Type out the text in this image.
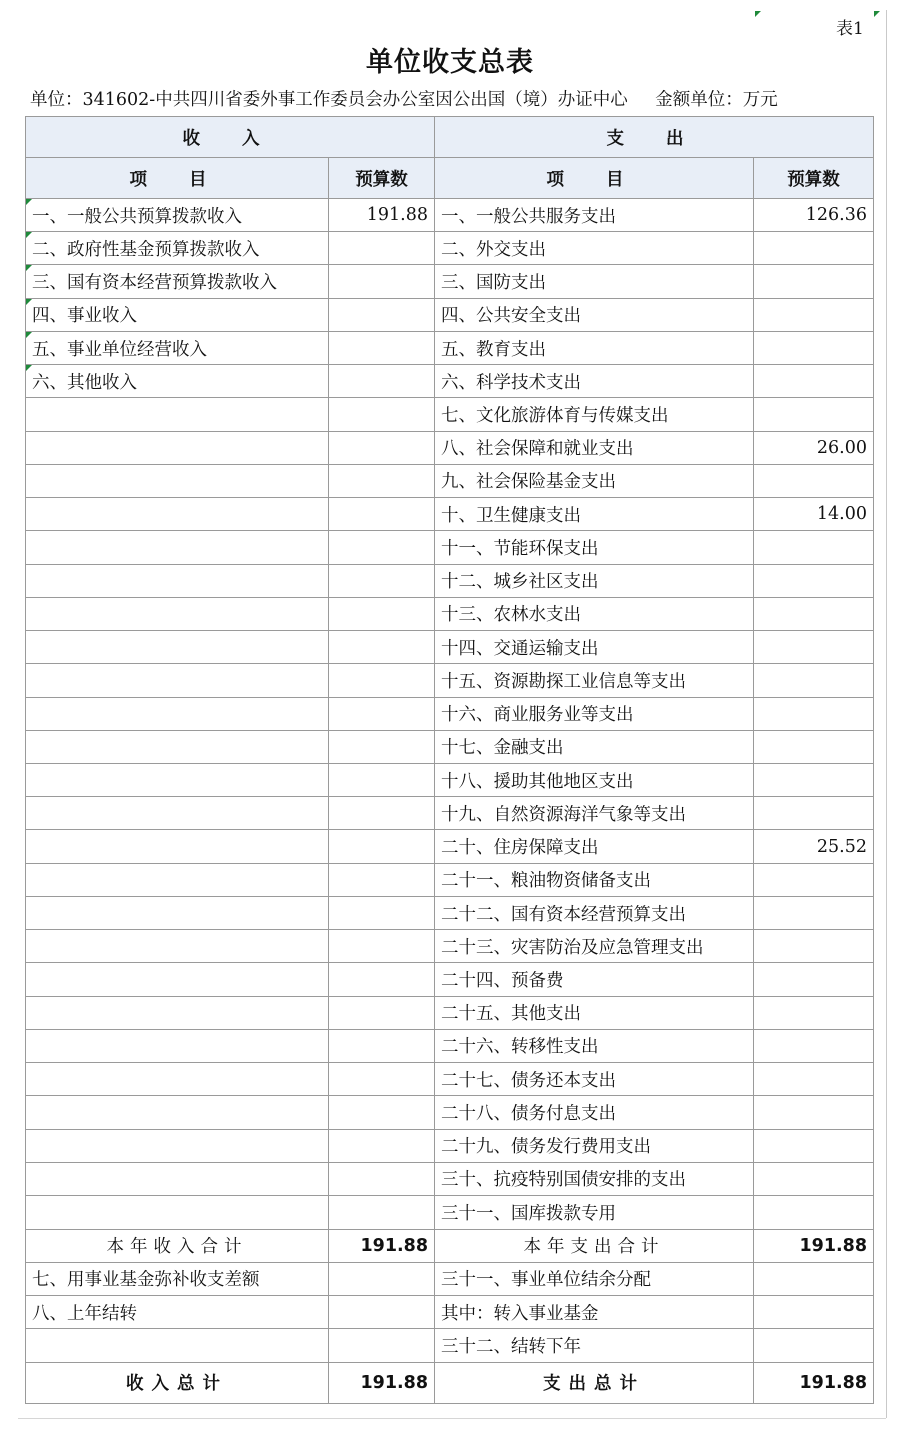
表1
单位收支总表
单位：341602-中共四川省委外事工作委员会办公室因公出国（境）办证中心 金额单位：万元
收 入		支 出	
项 目	预算数	项 目	预算数

一、一般公共预算拨款收入	191.88	一、一般公共服务支出	126.36

二、政府性基金预算拨款收入		二、外交支出	

三、国有资本经营预算拨款收入		三、国防支出	

四、事业收入		四、公共安全支出	

五、事业单位经营收入		五、教育支出	

六、其他收入		六、科学技术支出	
		七、文化旅游体育与传媒支出	
		八、社会保障和就业支出	26.00
		九、社会保险基金支出	
		十、卫生健康支出	14.00
		十一、节能环保支出	
		十二、城乡社区支出	
		十三、农林水支出	
		十四、交通运输支出	
		十五、资源勘探工业信息等支出	
		十六、商业服务业等支出	
		十七、金融支出	
		十八、援助其他地区支出	
		十九、自然资源海洋气象等支出	
		二十、住房保障支出	25.52
		二十一、粮油物资储备支出	
		二十二、国有资本经营预算支出	
		二十三、灾害防治及应急管理支出	
		二十四、预备费	
		二十五、其他支出	
		二十六、转移性支出	
		二十七、债务还本支出	
		二十八、债务付息支出	
		二十九、债务发行费用支出	
		三十、抗疫特别国债安排的支出	
		三十一、国库拨款专用	
本年收入合计	191.88	本年支出合计	191.88
七、用事业基金弥补收支差额		三十一、事业单位结余分配	
八、上年结转		其中：转入事业基金	
		三十二、结转下年	
收入总计	191.88	支出总计	191.88
